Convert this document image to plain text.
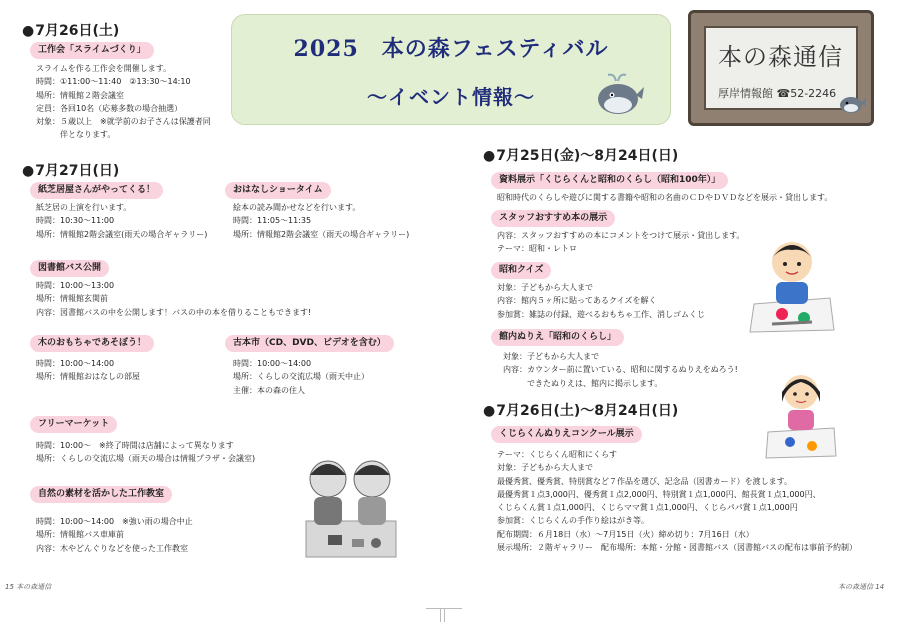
2025　本の森フェスティバル
～イベント情報～
本の森通信
厚岸情報館 ☎52-2246
● 7月26日(土)
工作会「スライムづくり」
スライムを作る工作会を開催します。
時間：①11:00～11:40　②13:30～14:10
場所：情報館２階会議室
定員：各回10名（応募多数の場合抽選）
対象：５歳以上　※就学前のお子さんは保護者同
　　　伴となります。
● 7月27日(日)
紙芝居屋さんがやってくる！
紙芝居の上演を行います。
時間：10:30～11:00
場所：情報館2階会議室(雨天の場合ギャラリー)
おはなしショータイム
絵本の読み聞かせなどを行います。
時間：11:05～11:35
場所：情報館2階会議室（雨天の場合ギャラリー)
図書館バス公開
時間：10:00～13:00
場所：情報館玄関前
内容：図書館バスの中を公開します！バスの中の本を借りることもできます!
木のおもちゃであそぼう！
時間：10:00～14:00
場所：情報館おはなしの部屋
古本市（CD、DVD、ビデオを含む）
時間：10:00～14:00
場所：くらしの交流広場（雨天中止）
主催：本の森の住人
フリーマーケット
時間：10:00～　※終了時間は店舗によって異なります
場所：くらしの交流広場（雨天の場合は情報プラザ・会議室)
自然の素材を活かした工作教室
時間：10:00～14:00　※強い雨の場合中止
場所：情報館バス車庫前
内容：木やどんぐりなどを使った工作教室
● 7月25日(金)～8月24日(日)
資料展示「くじらくんと昭和のくらし（昭和100年）」
昭和時代のくらしや遊びに関する書籍や昭和の名曲のＣＤやＤＶＤなどを展示・貸出します。
スタッフおすすめ本の展示
内容：スタッフおすすめの本にコメントをつけて展示・貸出します。
テーマ：昭和・レトロ
昭和クイズ
対象：子どもから大人まで
内容：館内５ヶ所に貼ってあるクイズを解く
参加賞：雑誌の付録、遊べるおもちゃ工作、消しゴムくじ
館内ぬりえ「昭和のくらし」
対象：子どもから大人まで
内容：カウンター前に置いている、昭和に関するぬりえをぬろう!
　　　できたぬりえは、館内に掲示します。
● 7月26日(土)～8月24日(日)
くじらくんぬりえコンクール展示
テーマ：くじらくん昭和にくらす
対象：子どもから大人まで
最優秀賞、優秀賞、特別賞など７作品を選び、記念品（図書カード）を渡します。
最優秀賞１点3,000円、優秀賞１点2,000円、特別賞１点1,000円、館長賞１点1,000円、
くじらくん賞１点1,000円、くじらママ賞１点1,000円、くじらパパ賞１点1,000円
参加賞：くじらくんの手作り絵はがき等。
配布期間：６月18日（水）～7月15日（火）締め切り：7月16日（水）
展示場所：２階ギャラリー　配布場所：本館・分館・図書館バス（図書館バスの配布は事前予約制）
15 本の森通信	本の森通信 14
